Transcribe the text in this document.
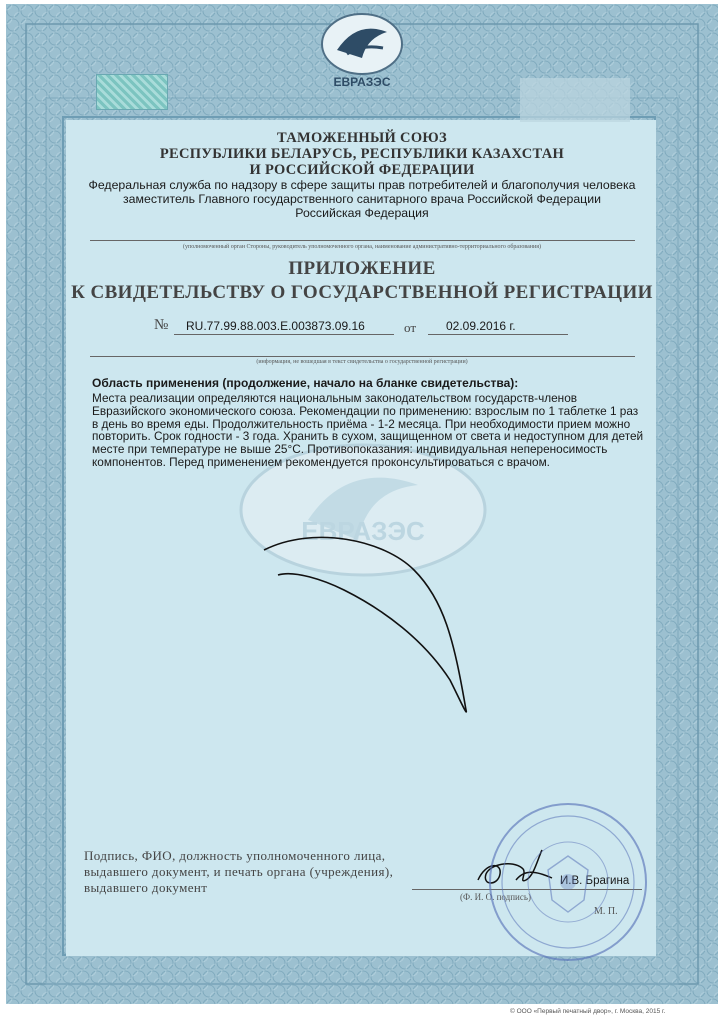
ЕВРАЗЭС
ЕВРАЗЭС
ТАМОЖЕННЫЙ СОЮЗ
РЕСПУБЛИКИ БЕЛАРУСЬ, РЕСПУБЛИКИ КАЗАХСТАН
И РОССИЙСКОЙ ФЕДЕРАЦИИ
Федеральная служба по надзору в сфере защиты прав потребителей и благополучия человека
заместитель Главного государственного санитарного врача Российской Федерации
Российская Федерация
(уполномоченный орган Стороны, руководитель уполномоченного органа, наименование административно-территориального образования)
ПРИЛОЖЕНИЕ
К СВИДЕТЕЛЬСТВУ О ГОСУДАРСТВЕННОЙ РЕГИСТРАЦИИ
№ RU.77.99.88.003.E.003873.09.16	от 02.09.2016 г.
(информация, не вошедшая в текст свидетельства о государственной регистрации)
Область применения (продолжение, начало на бланке свидетельства):
Места реализации определяются национальным законодательством государств-членов Евразийского экономического союза. Рекомендации по применению: взрослым по 1 таблетке 1 раз в день во время еды. Продолжительность приёма - 1-2 месяца. При необходимости прием можно повторить. Срок годности - 3 года. Хранить в сухом, защищенном от света и недоступном для детей месте при температуре не выше 25°C. Противопоказания: индивидуальная непереносимость компонентов. Перед применением рекомендуется проконсультироваться с врачом.
Подпись, ФИО, должность уполномоченного лица, выдавшего документ, и печать органа (учреждения), выдавшего документ	И.В. Брагина
(Ф. И. О. подпись)
М. П.
© ООО «Первый печатный двор», г. Москва, 2015 г.
